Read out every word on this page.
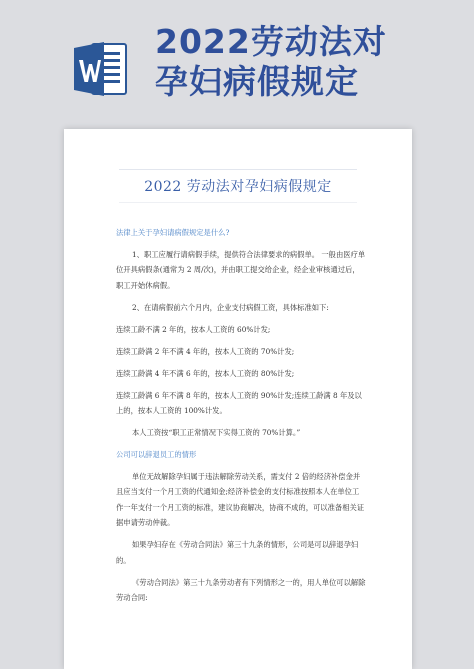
2022劳动法对
孕妇病假规定
2022 劳动法对孕妇病假规定

法律上关于孕妇请病假规定是什么?

1、职工应履行请病假手续，提供符合法律要求的病假单。 一般由医疗单位开具病假条(通常为 2 周/次)，并由职工提交给企业，经企业审核通过后，职工开始休病假。

2、在请病假前六个月内，企业支付病假工资，具体标准如下:

连续工龄不满 2 年的，按本人工资的 60%计发;

连续工龄满 2 年不满 4 年的，按本人工资的 70%计发;

连续工龄满 4 年不满 6 年的，按本人工资的 80%计发;

连续工龄满 6 年不满 8 年的，按本人工资的 90%计发;连续工龄满 8 年及以上的，按本人工资的 100%计发。

本人工资按“职工正常情况下实得工资的 70%计算。”

公司可以辞退员工的情形

单位无故解除孕妇属于违法解除劳动关系，需支付 2 倍的经济补偿金并且应当支付一个月工资的代通知金;经济补偿金的支付标准按照本人在单位工作一年支付一个月工资的标准，建议协商解决，协商不成的，可以准备相关证据申请劳动仲裁。

如果孕妇存在《劳动合同法》第三十九条的情形，公司是可以辞退孕妇的。

《劳动合同法》第三十九条劳动者有下列情形之一的，用人单位可以解除劳动合同:
